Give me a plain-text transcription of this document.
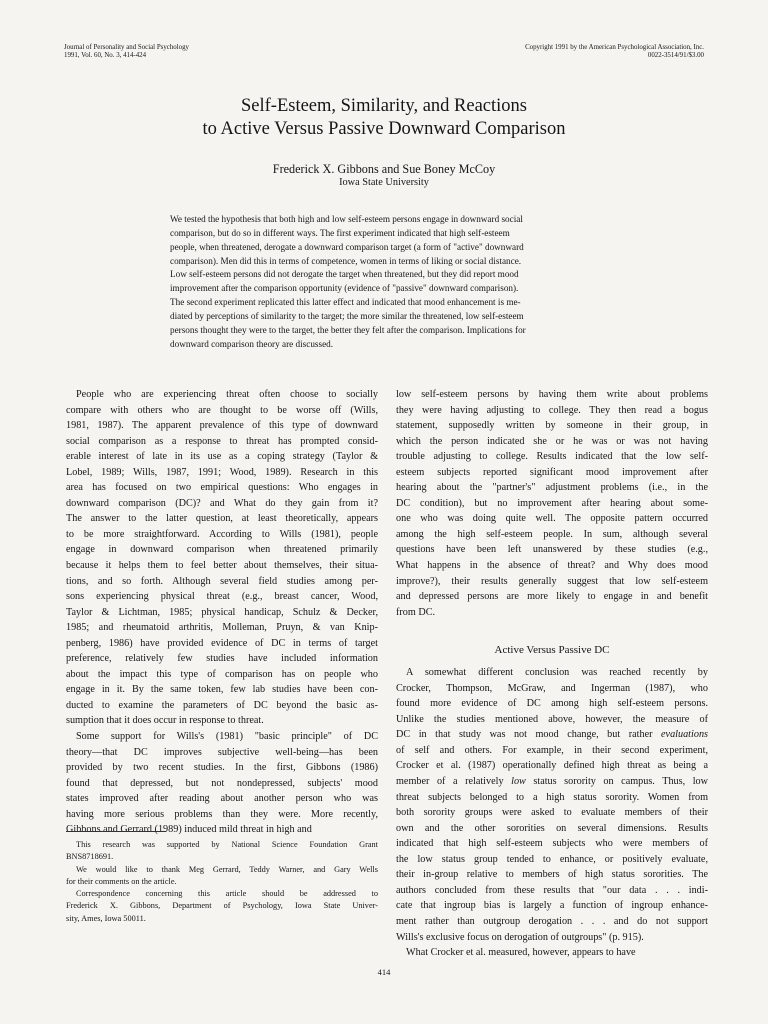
Journal of Personality and Social Psychology
1991, Vol. 60, No. 3, 414-424
Copyright 1991 by the American Psychological Association, Inc.
0022-3514/91/$3.00
Self-Esteem, Similarity, and Reactions
to Active Versus Passive Downward Comparison
Frederick X. Gibbons and Sue Boney McCoy
Iowa State University
We tested the hypothesis that both high and low self-esteem persons engage in downward social
comparison, but do so in different ways. The first experiment indicated that high self-esteem
people, when threatened, derogate a downward comparison target (a form of "active" downward
comparison). Men did this in terms of competence, women in terms of liking or social distance.
Low self-esteem persons did not derogate the target when threatened, but they did report mood
improvement after the comparison opportunity (evidence of "passive" downward comparison).
The second experiment replicated this latter effect and indicated that mood enhancement is me-
diated by perceptions of similarity to the target; the more similar the threatened, low self-esteem
persons thought they were to the target, the better they felt after the comparison. Implications for
downward comparison theory are discussed.
People who are experiencing threat often choose to socially
compare with others who are thought to be worse off (Wills,
1981, 1987). The apparent prevalence of this type of downward
social comparison as a response to threat has prompted consid-
erable interest of late in its use as a coping strategy (Taylor &
Lobel, 1989; Wills, 1987, 1991; Wood, 1989). Research in this
area has focused on two empirical questions: Who engages in
downward comparison (DC)? and What do they gain from it?
The answer to the latter question, at least theoretically, appears
to be more straightforward. According to Wills (1981), people
engage in downward comparison when threatened primarily
because it helps them to feel better about themselves, their situa-
tions, and so forth. Although several field studies among per-
sons experiencing physical threat (e.g., breast cancer, Wood,
Taylor & Lichtman, 1985; physical handicap, Schulz & Decker,
1985; and rheumatoid arthritis, Molleman, Pruyn, & van Knip-
penberg, 1986) have provided evidence of DC in terms of target
preference, relatively few studies have included information
about the impact this type of comparison has on people who
engage in it. By the same token, few lab studies have been con-
ducted to examine the parameters of DC beyond the basic as-
sumption that it does occur in response to threat.
Some support for Wills's (1981) "basic principle" of DC
theory—that DC improves subjective well-being—has been
provided by two recent studies. In the first, Gibbons (1986)
found that depressed, but not nondepressed, subjects' mood
states improved after reading about another person who was
having more serious problems than they were. More recently,
Gibbons and Gerrard (1989) induced mild threat in high and
This research was supported by National Science Foundation Grant
BNS8718691.
We would like to thank Meg Gerrard, Teddy Warner, and Gary Wells
for their comments on the article.
Correspondence concerning this article should be addressed to
Frederick X. Gibbons, Department of Psychology, Iowa State Univer-
sity, Ames, Iowa 50011.
low self-esteem persons by having them write about problems
they were having adjusting to college. They then read a bogus
statement, supposedly written by someone in their group, in
which the person indicated she or he was or was not having
trouble adjusting to college. Results indicated that the low self-
esteem subjects reported significant mood improvement after
hearing about the "partner's" adjustment problems (i.e., in the
DC condition), but no improvement after hearing about some-
one who was doing quite well. The opposite pattern occurred
among the high self-esteem people. In sum, although several
questions have been left unanswered by these studies (e.g.,
What happens in the absence of threat? and Why does mood
improve?), their results generally suggest that low self-esteem
and depressed persons are more likely to engage in and benefit
from DC.
Active Versus Passive DC
A somewhat different conclusion was reached recently by
Crocker, Thompson, McGraw, and Ingerman (1987), who
found more evidence of DC among high self-esteem persons.
Unlike the studies mentioned above, however, the measure of
DC in that study was not mood change, but rather evaluations
of self and others. For example, in their second experiment,
Crocker et al. (1987) operationally defined high threat as being a
member of a relatively low status sorority on campus. Thus, low
threat subjects belonged to a high status sorority. Women from
both sorority groups were asked to evaluate members of their
own and the other sororities on several dimensions. Results
indicated that high self-esteem subjects who were members of
the low status group tended to enhance, or positively evaluate,
their in-group relative to members of high status sororities. The
authors concluded from these results that "our data . . . indi-
cate that ingroup bias is largely a function of ingroup enhance-
ment rather than outgroup derogation . . . and do not support
Wills's exclusive focus on derogation of outgroups" (p. 915).
What Crocker et al. measured, however, appears to have
414
